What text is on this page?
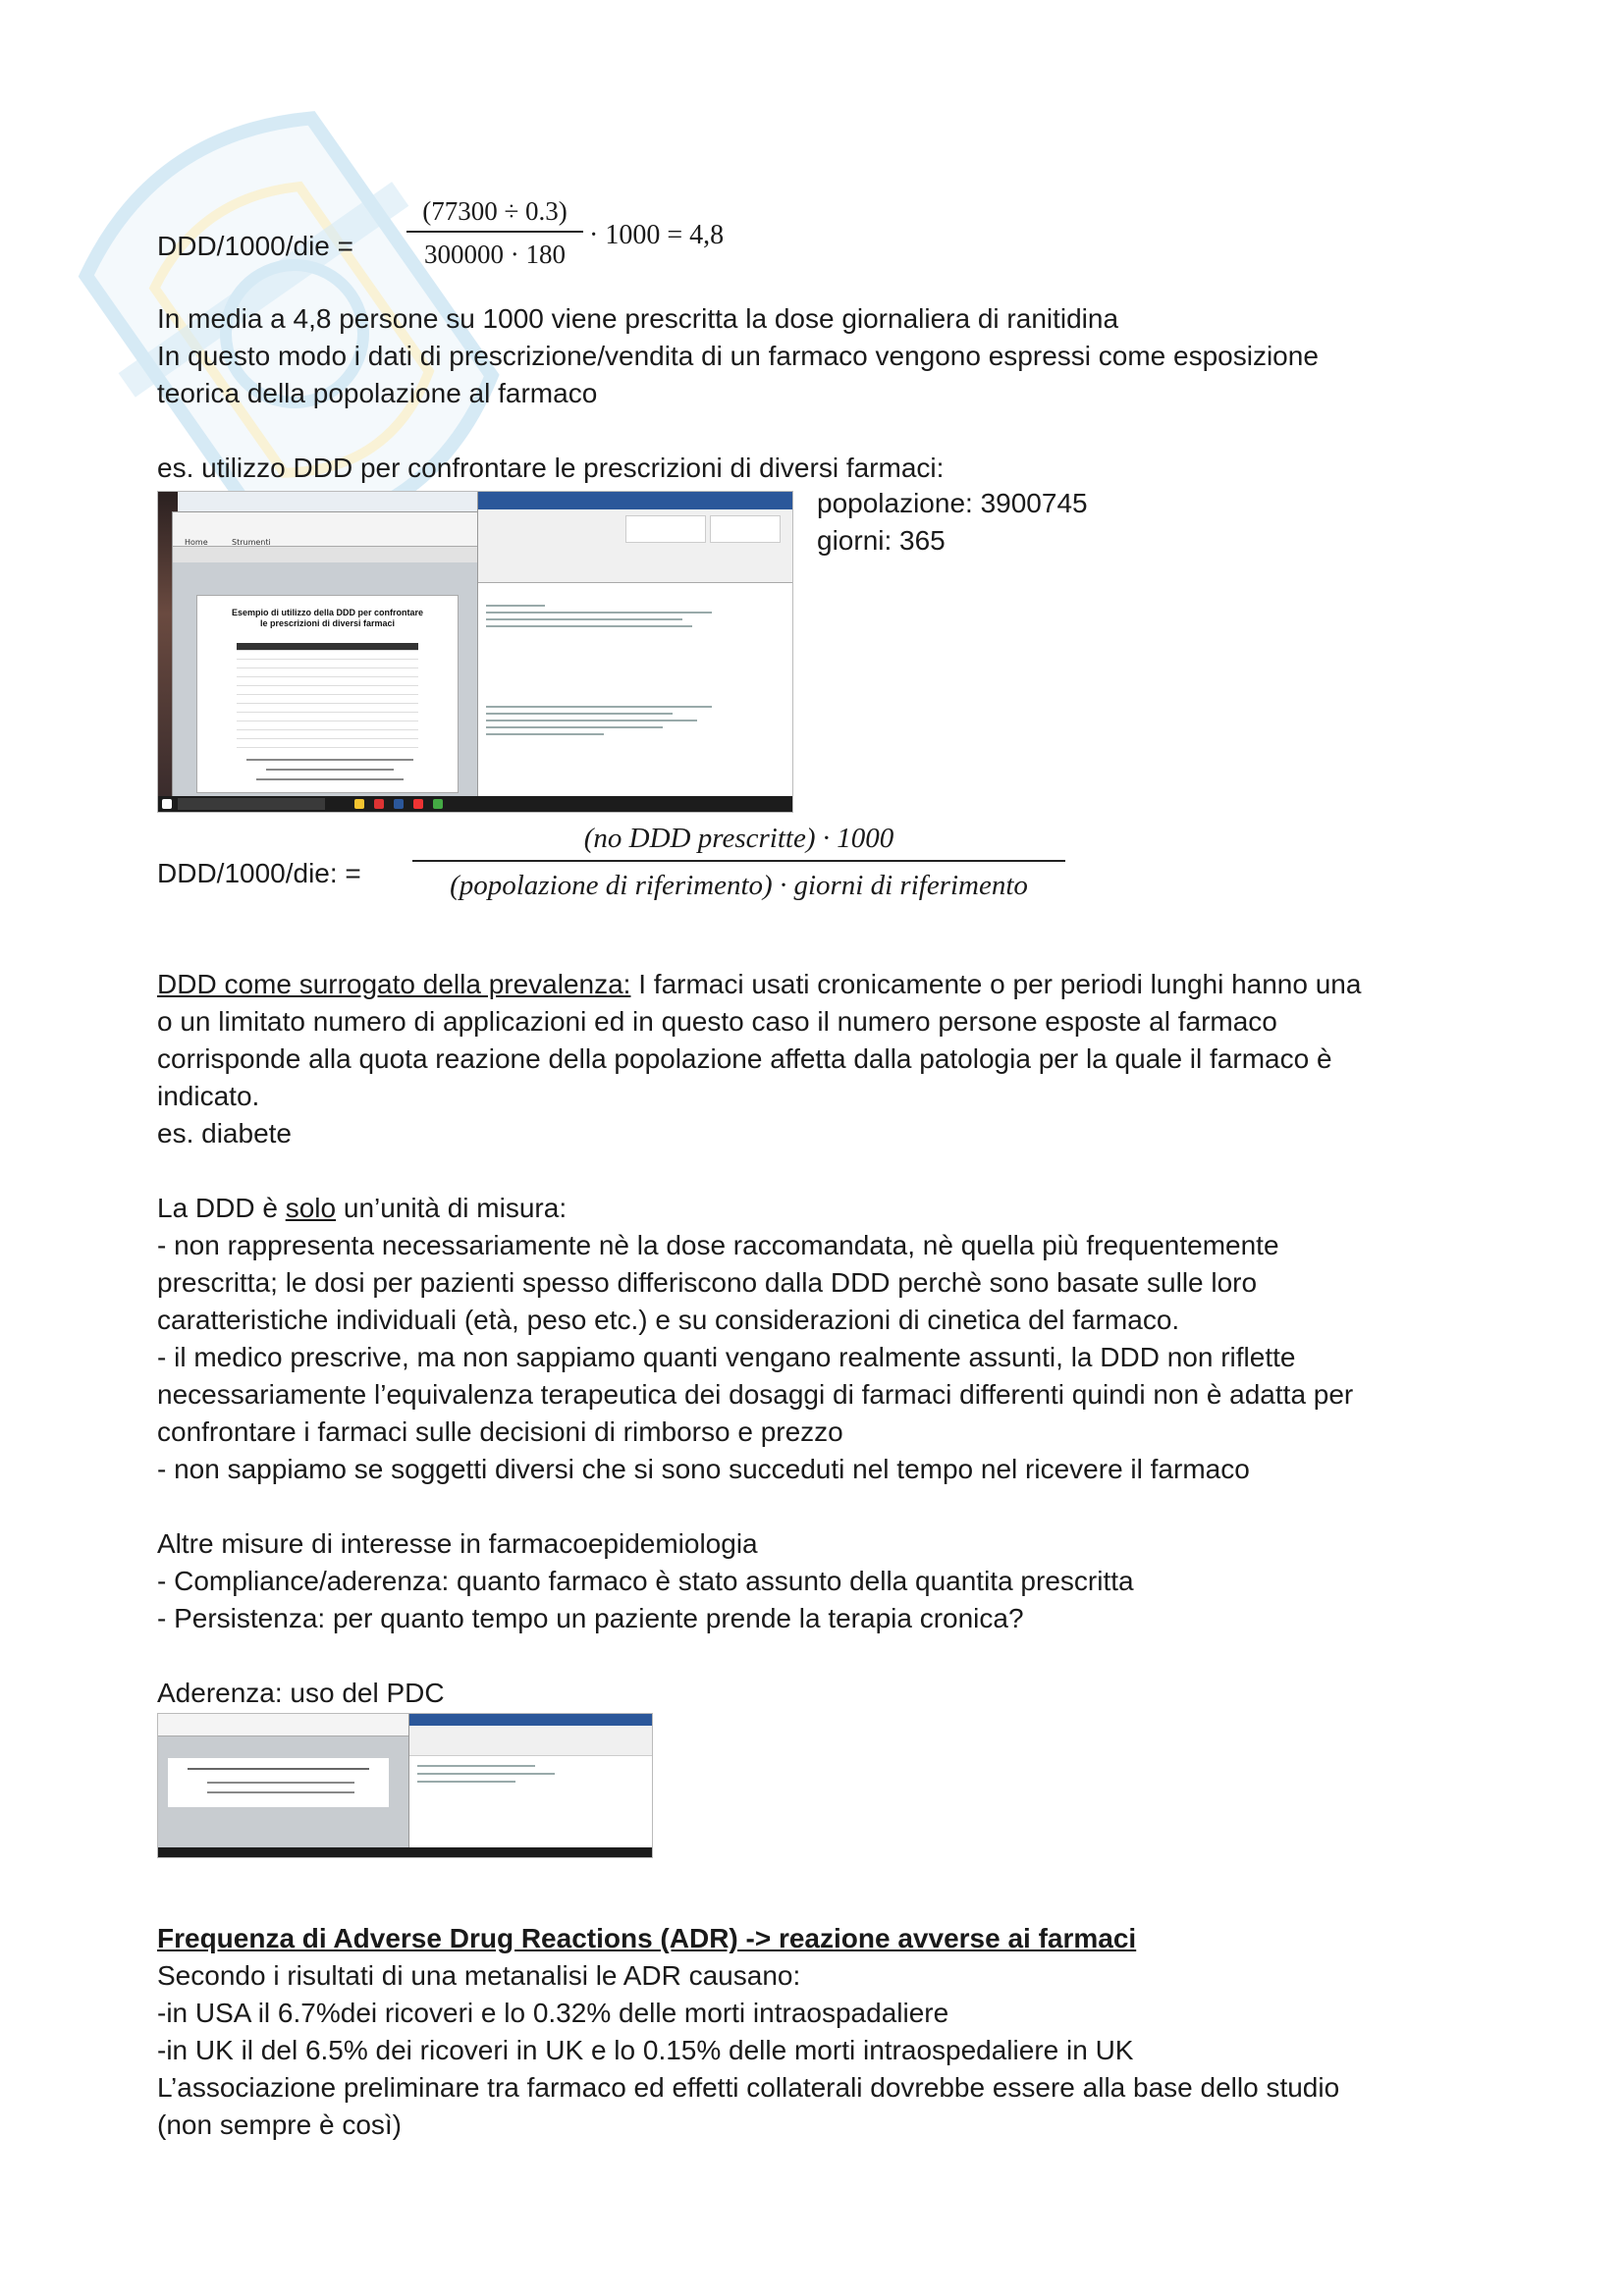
DDD/1000/die =
(77300 ÷ 0.3)
300000 · 180
· 1000 = 4,8
In media a 4,8 persone su 1000 viene prescritta la dose giornaliera di ranitidina
In questo modo i dati di prescrizione/vendita di un farmaco vengono espressi come esposizione
teorica della popolazione al farmaco
es. utilizzo DDD per confrontare le prescrizioni di diversi farmaci:
popolazione: 3900745
giorni: 365
Home	Strumenti
Esempio di utilizzo della DDD per confrontare le prescrizioni di diversi farmaci
DDD/1000/die: =
(no DDD prescritte) · 1000
(popolazione di riferimento) · giorni di riferimento
DDD come surrogato della prevalenza: I farmaci usati cronicamente o per periodi lunghi hanno una
o un limitato numero di applicazioni ed in questo caso il numero persone esposte al farmaco
corrisponde alla quota reazione della popolazione affetta dalla patologia per la quale il farmaco è
indicato.
es. diabete
La DDD è solo un’unità di misura:
- non rappresenta necessariamente nè la dose raccomandata, nè quella più frequentemente
prescritta; le dosi per pazienti spesso differiscono dalla DDD perchè sono basate sulle loro
caratteristiche individuali (età, peso etc.) e su considerazioni di cinetica del farmaco.
- il medico prescrive, ma non sappiamo quanti vengano realmente assunti, la DDD non riflette
necessariamente l’equivalenza terapeutica dei dosaggi di farmaci differenti quindi non è adatta per
confrontare i farmaci sulle decisioni di rimborso e prezzo
- non sappiamo se soggetti diversi che si sono succeduti nel tempo nel ricevere il farmaco
Altre misure di interesse in farmacoepidemiologia
- Compliance/aderenza: quanto farmaco è stato assunto della quantita prescritta
- Persistenza: per quanto tempo un paziente prende la terapia cronica?
Aderenza: uso del PDC
Frequenza di Adverse Drug Reactions (ADR) -> reazione avverse ai farmaci
Secondo i risultati di una metanalisi le ADR causano:
-in USA il 6.7%dei ricoveri e lo 0.32% delle morti intraospadaliere
-in UK il del 6.5% dei ricoveri in UK e lo 0.15% delle morti intraospedaliere in UK
L’associazione preliminare tra farmaco ed effetti collaterali dovrebbe essere alla base dello studio
(non sempre è così)
